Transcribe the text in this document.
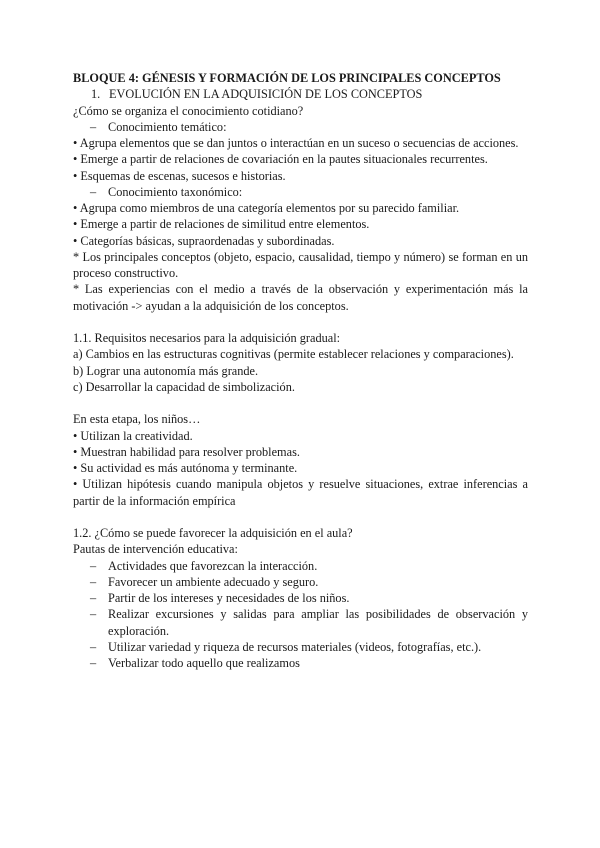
BLOQUE 4: GÉNESIS Y FORMACIÓN DE LOS PRINCIPALES CONCEPTOS
1. EVOLUCIÓN EN LA ADQUISICIÓN DE LOS CONCEPTOS
¿Cómo se organiza el conocimiento cotidiano?
– Conocimiento temático:
• Agrupa elementos que se dan juntos o interactúan en un suceso o secuencias de acciones.
• Emerge a partir de relaciones de covariación en la pautes situacionales recurrentes.
• Esquemas de escenas, sucesos e historias.
– Conocimiento taxonómico:
• Agrupa como miembros de una categoría elementos por su parecido familiar.
• Emerge a partir de relaciones de similitud entre elementos.
• Categorías básicas, supraordenadas y subordinadas.
* Los principales conceptos (objeto, espacio, causalidad, tiempo y número) se forman en un proceso constructivo.
* Las experiencias con el medio a través de la observación y experimentación más la motivación -> ayudan a la adquisición de los conceptos.
1.1. Requisitos necesarios para la adquisición gradual:
a) Cambios en las estructuras cognitivas (permite establecer relaciones y comparaciones).
b) Lograr una autonomía más grande.
c) Desarrollar la capacidad de simbolización.
En esta etapa, los niños…
• Utilizan la creatividad.
• Muestran habilidad para resolver problemas.
• Su actividad es más autónoma y terminante.
• Utilizan hipótesis cuando manipula objetos y resuelve situaciones, extrae inferencias a partir de la información empírica
1.2. ¿Cómo se puede favorecer la adquisición en el aula?
Pautas de intervención educativa:
– Actividades que favorezcan la interacción.
– Favorecer un ambiente adecuado y seguro.
– Partir de los intereses y necesidades de los niños.
– Realizar excursiones y salidas para ampliar las posibilidades de observación y exploración.
– Utilizar variedad y riqueza de recursos materiales (videos, fotografías, etc.).
– Verbalizar todo aquello que realizamos
